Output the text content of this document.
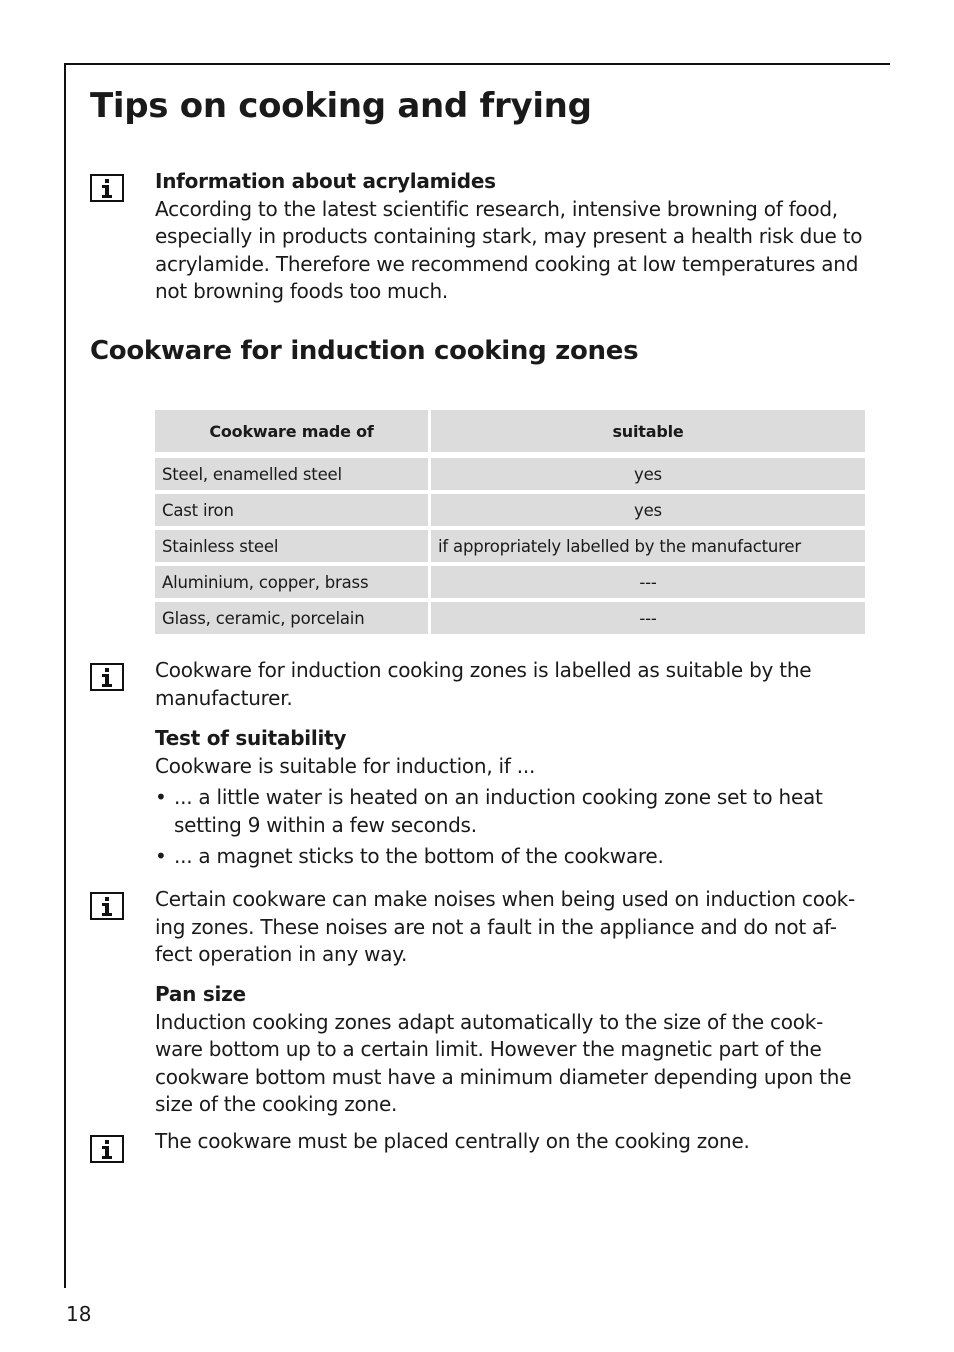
Tips on cooking and frying
Information about acrylamides
According to the latest scientific research, intensive browning of food, especially in products containing stark, may present a health risk due to acrylamide. Therefore we recommend cooking at low temperatures and not browning foods too much.
Cookware for induction cooking zones
Cookware made of	suitable
Steel, enamelled steel	yes
Cast iron	yes
Stainless steel	if appropriately labelled by the manufacturer
Aluminium, copper, brass	---
Glass, ceramic, porcelain	---
Cookware for induction cooking zones is labelled as suitable by the manufacturer.
Test of suitability
Cookware is suitable for induction, if ...
• ... a little water is heated on an induction cooking zone set to heat setting 9 within a few seconds.
• ... a magnet sticks to the bottom of the cookware.
Certain cookware can make noises when being used on induction cook-ing zones. These noises are not a fault in the appliance and do not af-fect operation in any way.
Pan size
Induction cooking zones adapt automatically to the size of the cook-ware bottom up to a certain limit. However the magnetic part of the cookware bottom must have a minimum diameter depending upon the size of the cooking zone.
The cookware must be placed centrally on the cooking zone.
18
